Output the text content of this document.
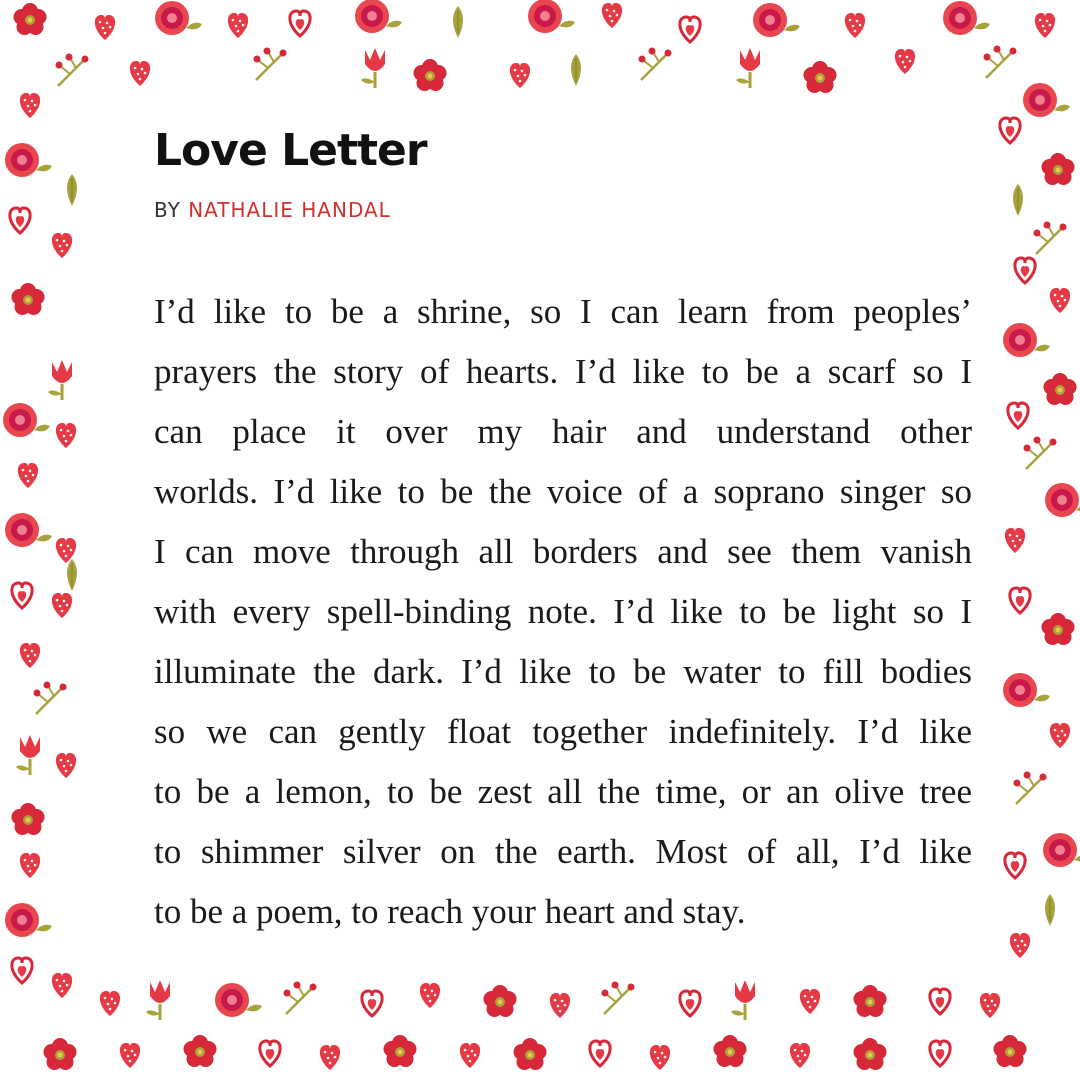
Love Letter
BY NATHALIE HANDAL
I’d like to be a shrine, so I can learn from peoples’
prayers the story of hearts. I’d like to be a scarf so I
can place it over my hair and understand other
worlds. I’d like to be the voice of a soprano singer so
I can move through all borders and see them vanish
with every spell-binding note. I’d like to be light so I
illuminate the dark. I’d like to be water to fill bodies
so we can gently float together indefinitely. I’d like
to be a lemon, to be zest all the time, or an olive tree
to shimmer silver on the earth. Most of all, I’d like
to be a poem, to reach your heart and stay.
